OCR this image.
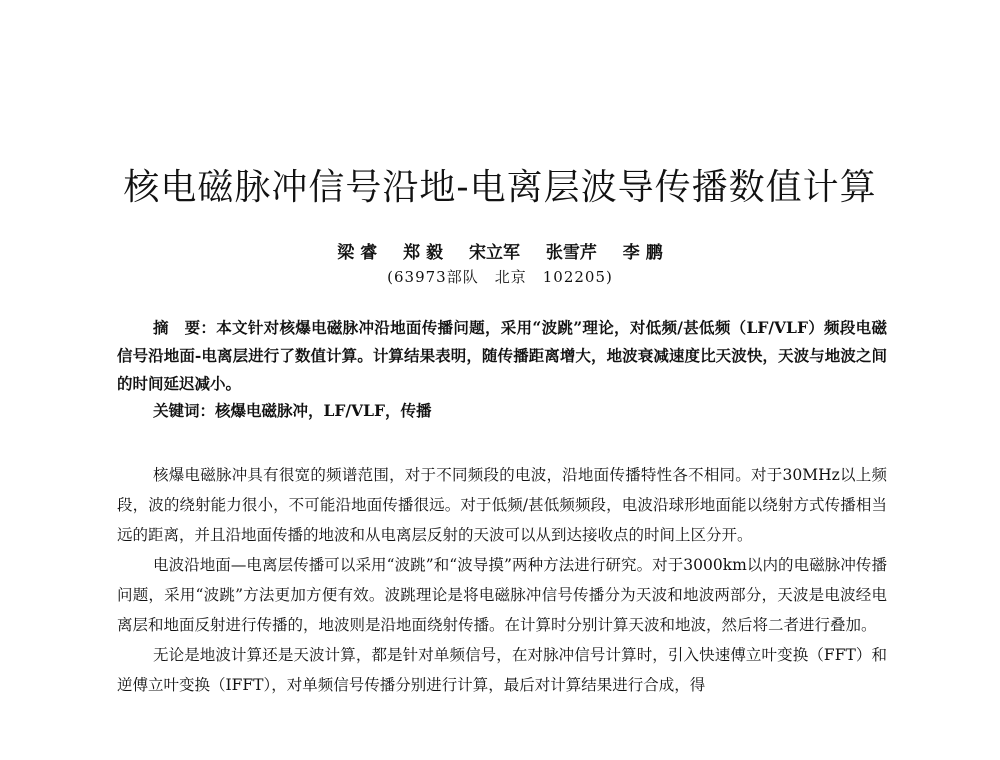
核电磁脉冲信号沿地-电离层波导传播数值计算
梁 睿 郑 毅 宋立军 张雪芹 李 鹏
(63973部队　北京　102205)
摘　要：本文针对核爆电磁脉冲沿地面传播问题，采用“波跳”理论，对低频/甚低频（LF/VLF）频段电磁信号沿地面-电离层进行了数值计算。计算结果表明，随传播距离增大，地波衰减速度比天波快，天波与地波之间的时间延迟减小。
关键词：核爆电磁脉冲，LF/VLF，传播

核爆电磁脉冲具有很宽的频谱范围，对于不同频段的电波，沿地面传播特性各不相同。对于30MHz以上频段，波的绕射能力很小，不可能沿地面传播很远。对于低频/甚低频频段，电波沿球形地面能以绕射方式传播相当远的距离，并且沿地面传播的地波和从电离层反射的天波可以从到达接收点的时间上区分开。

电波沿地面—电离层传播可以采用“波跳”和“波导摸”两种方法进行研究。对于3000km以内的电磁脉冲传播问题，采用“波跳”方法更加方便有效。波跳理论是将电磁脉冲信号传播分为天波和地波两部分，天波是电波经电离层和地面反射进行传播的，地波则是沿地面绕射传播。在计算时分别计算天波和地波，然后将二者进行叠加。

无论是地波计算还是天波计算，都是针对单频信号，在对脉冲信号计算时，引入快速傅立叶变换（FFT）和逆傅立叶变换（IFFT），对单频信号传播分别进行计算，最后对计算结果进行合成，得
